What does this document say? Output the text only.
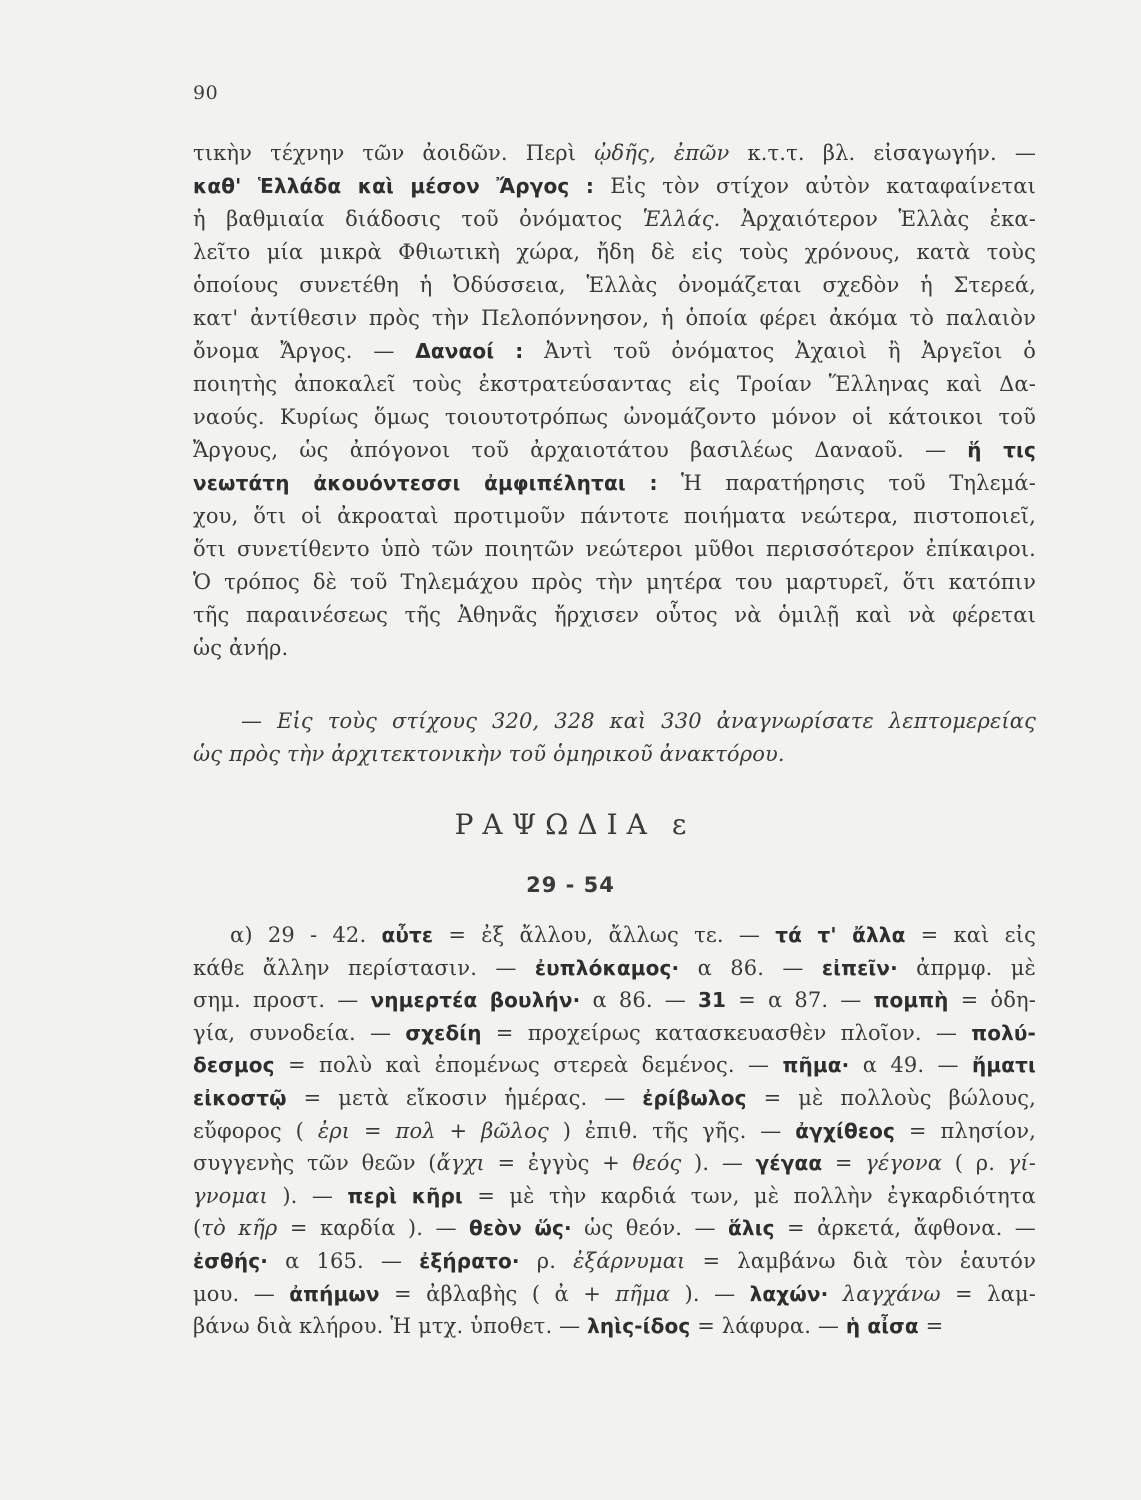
90

τικὴν τέχνην τῶν ἀοιδῶν. Περὶ ᾠδῆς, ἐπῶν κ.τ.τ. βλ. εἰσαγωγήν. —

καθ' Ἑλλάδα καὶ μέσον Ἄργος : Εἰς τὸν στίχον αὐτὸν καταφαίνεται

ἡ βαθμιαία διάδοσις τοῦ ὀνόματος Ἑλλάς. Ἀρχαιότερον Ἑλλὰς ἐκα-

λεῖτο μία μικρὰ Φθιωτικὴ χώρα, ἤδη δὲ εἰς τοὺς χρόνους, κατὰ τοὺς

ὁποίους συνετέθη ἡ Ὀδύσσεια, Ἑλλὰς ὀνομάζεται σχεδὸν ἡ Στερεά,

κατ' ἀντίθεσιν πρὸς τὴν Πελοπόννησον, ἡ ὁποία φέρει ἀκόμα τὸ παλαιὸν

ὄνομα Ἄργος. — Δαναοί : Ἀντὶ τοῦ ὀνόματος Ἀχαιοὶ ἢ Ἀργεῖοι ὁ

ποιητὴς ἀποκαλεῖ τοὺς ἐκστρατεύσαντας εἰς Τροίαν Ἕλληνας καὶ Δα-

ναούς. Κυρίως ὅμως τοιουτοτρόπως ὠνομάζοντο μόνον οἱ κάτοικοι τοῦ

Ἄργους, ὡς ἀπόγονοι τοῦ ἀρχαιοτάτου βασιλέως Δαναοῦ. — ἥ τις

νεωτάτη ἀκουόντεσσι ἀμφιπέληται : Ἡ παρατήρησις τοῦ Τηλεμά-

χου, ὅτι οἱ ἀκροαταὶ προτιμοῦν πάντοτε ποιήματα νεώτερα, πιστοποιεῖ,

ὅτι συνετίθεντο ὑπὸ τῶν ποιητῶν νεώτεροι μῦθοι περισσότερον ἐπίκαιροι.

Ὁ τρόπος δὲ τοῦ Τηλεμάχου πρὸς τὴν μητέρα του μαρτυρεῖ, ὅτι κατόπιν

τῆς παραινέσεως τῆς Ἀθηνᾶς ἤρχισεν οὗτος νὰ ὁμιλῇ καὶ νὰ φέρεται

ὡς ἀνήρ.

— Εἰς τοὺς στίχους 320, 328 καὶ 330 ἀναγνωρίσατε λεπτομερείας

ὡς πρὸς τὴν ἀρχιτεκτονικὴν τοῦ ὁμηρικοῦ ἀνακτόρου.

ΡΑΨΩΔΙΑ ε
29 - 54

α) 29 - 42. αὖτε = ἐξ ἄλλου, ἄλλως τε. — τά τ' ἄλλα = καὶ εἰς

κάθε ἄλλην περίστασιν. — ἐυπλόκαμος· α 86. — εἰπεῖν· ἀπρμφ. μὲ

σημ. προστ. — νημερτέα βουλήν· α 86. — 31 = α 87. — πομπὴ = ὁδη-

γία, συνοδεία. — σχεδίη = προχείρως κατασκευασθὲν πλοῖον. — πολύ-

δεσμος = πολὺ καὶ ἐπομένως στερεὰ δεμένος. — πῆμα· α 49. — ἤματι

εἰκοστῷ = μετὰ εἴκοσιν ἡμέρας. — ἐρίβωλος = μὲ πολλοὺς βώλους,

εὔφορος ( ἐρι = πολ + βῶλος ) ἐπιθ. τῆς γῆς. — ἀγχίθεος = πλησίον,

συγγενὴς τῶν θεῶν (ἄγχι = ἐγγὺς + θεός ). — γέγαα = γέγονα ( ρ. γί-

γνομαι ). — περὶ κῆρι = μὲ τὴν καρδιά των, μὲ πολλὴν ἐγκαρδιότητα

(τὸ κῆρ = καρδία ). — θεὸν ὥς· ὡς θεόν. — ἅλις = ἀρκετά, ἄφθονα. —

ἐσθής· α 165. — ἐξήρατο· ρ. ἐξάρνυμαι = λαμβάνω διὰ τὸν ἑαυτόν

μου. — ἀπήμων = ἀβλαβὴς ( ἀ + πῆμα ). — λαχών· λαγχάνω = λαμ-

βάνω διὰ κλήρου. Ἡ μτχ. ὑποθετ. — ληὶς-ίδος = λάφυρα. — ἡ αἶσα =
